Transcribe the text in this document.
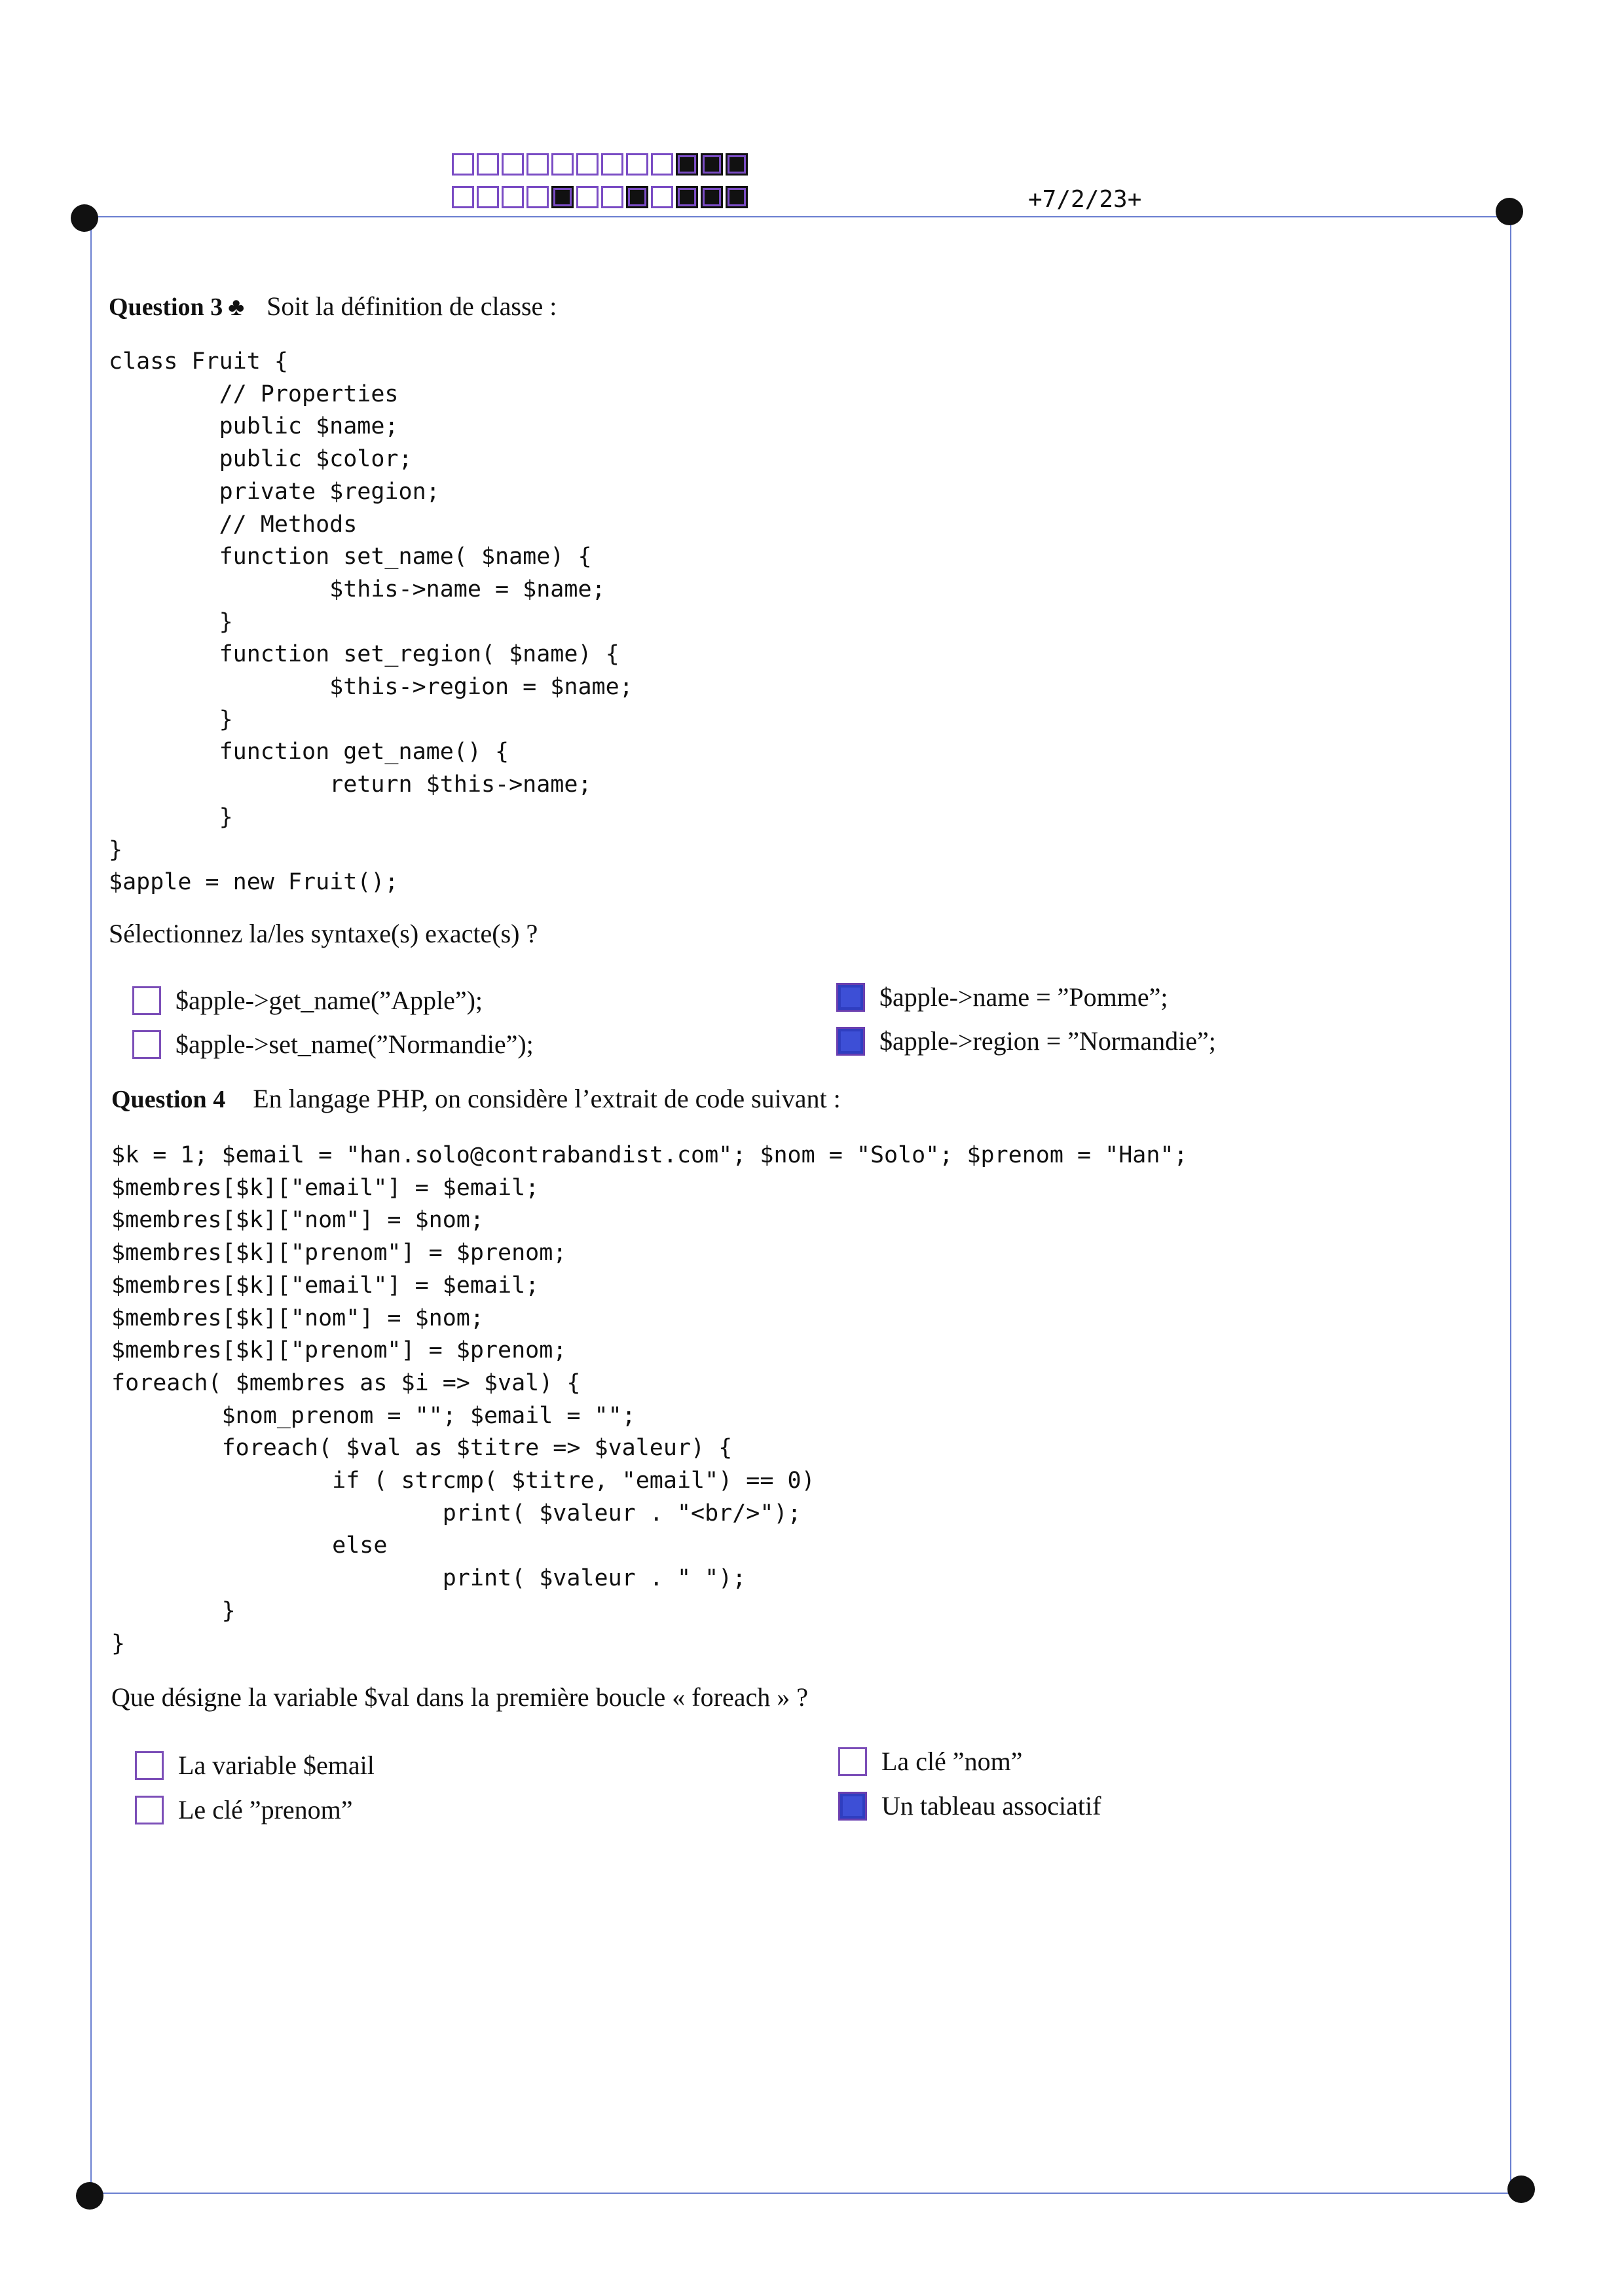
+7/2/23+
Question 3 ♣ Soit la définition de classe :
class Fruit {
// Properties
public $name;
public $color;
private $region;
// Methods
function set_name( $name) {
$this->name = $name;
}
function set_region( $name) {
$this->region = $name;
}
function get_name() {
return $this->name;
}
}
$apple = new Fruit();
Sélectionnez la/les syntaxe(s) exacte(s) ?
$apple->get_name(”Apple”);
$apple->set_name(”Normandie”);
$apple->name = ”Pomme”;
$apple->region = ”Normandie”;
Question 4 En langage PHP, on considère l’extrait de code suivant :
$k = 1; $email = "han.solo@contrabandist.com"; $nom = "Solo"; $prenom = "Han";
$membres[$k]["email"] = $email;
$membres[$k]["nom"] = $nom;
$membres[$k]["prenom"] = $prenom;
$membres[$k]["email"] = $email;
$membres[$k]["nom"] = $nom;
$membres[$k]["prenom"] = $prenom;
foreach( $membres as $i => $val) {
$nom_prenom = ""; $email = "";
foreach( $val as $titre => $valeur) {
if ( strcmp( $titre, "email") == 0)
print( $valeur . "<br/>");
else
print( $valeur . " ");
}
}
Que désigne la variable $val dans la première boucle « foreach » ?
La variable $email
Le clé ”prenom”
La clé ”nom”
Un tableau associatif
